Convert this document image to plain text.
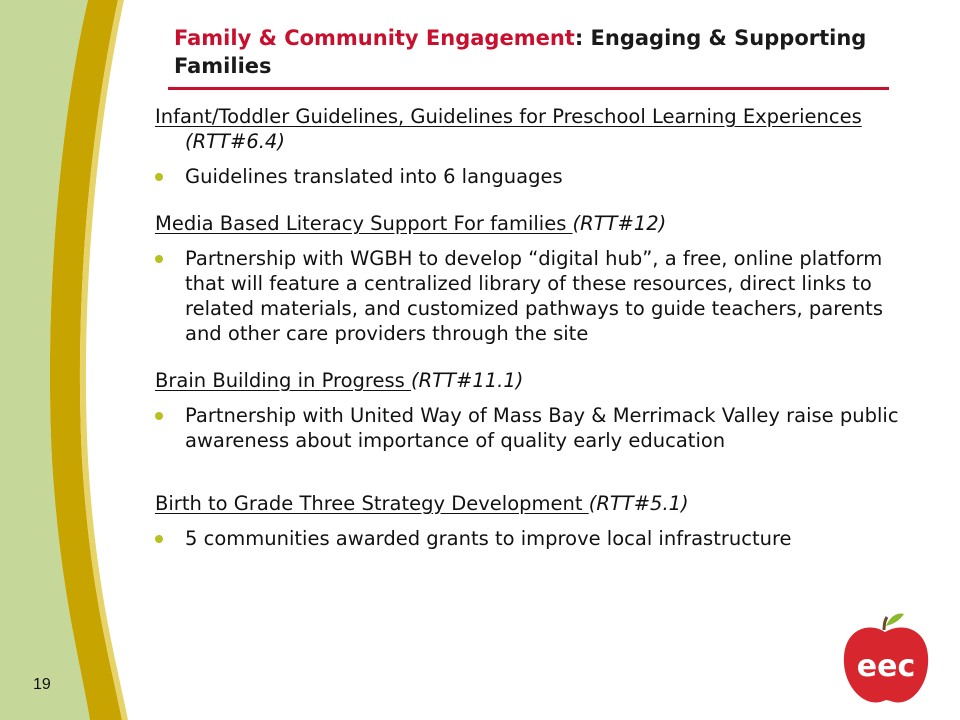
Family & Community Engagement: Engaging & Supporting Families
Infant/Toddler Guidelines, Guidelines for Preschool Learning Experiences (RTT#6.4)
Guidelines translated into 6 languages
Media Based Literacy Support For families (RTT#12)
Partnership with WGBH to develop “digital hub”, a free, online platform that will feature a centralized library of these resources, direct links to related materials, and customized pathways to guide teachers, parents and other care providers through the site
Brain Building in Progress (RTT#11.1)
Partnership with United Way of Mass Bay & Merrimack Valley raise public awareness about importance of quality early education
Birth to Grade Three Strategy Development (RTT#5.1)
5 communities awarded grants to improve local infrastructure
19
eec
